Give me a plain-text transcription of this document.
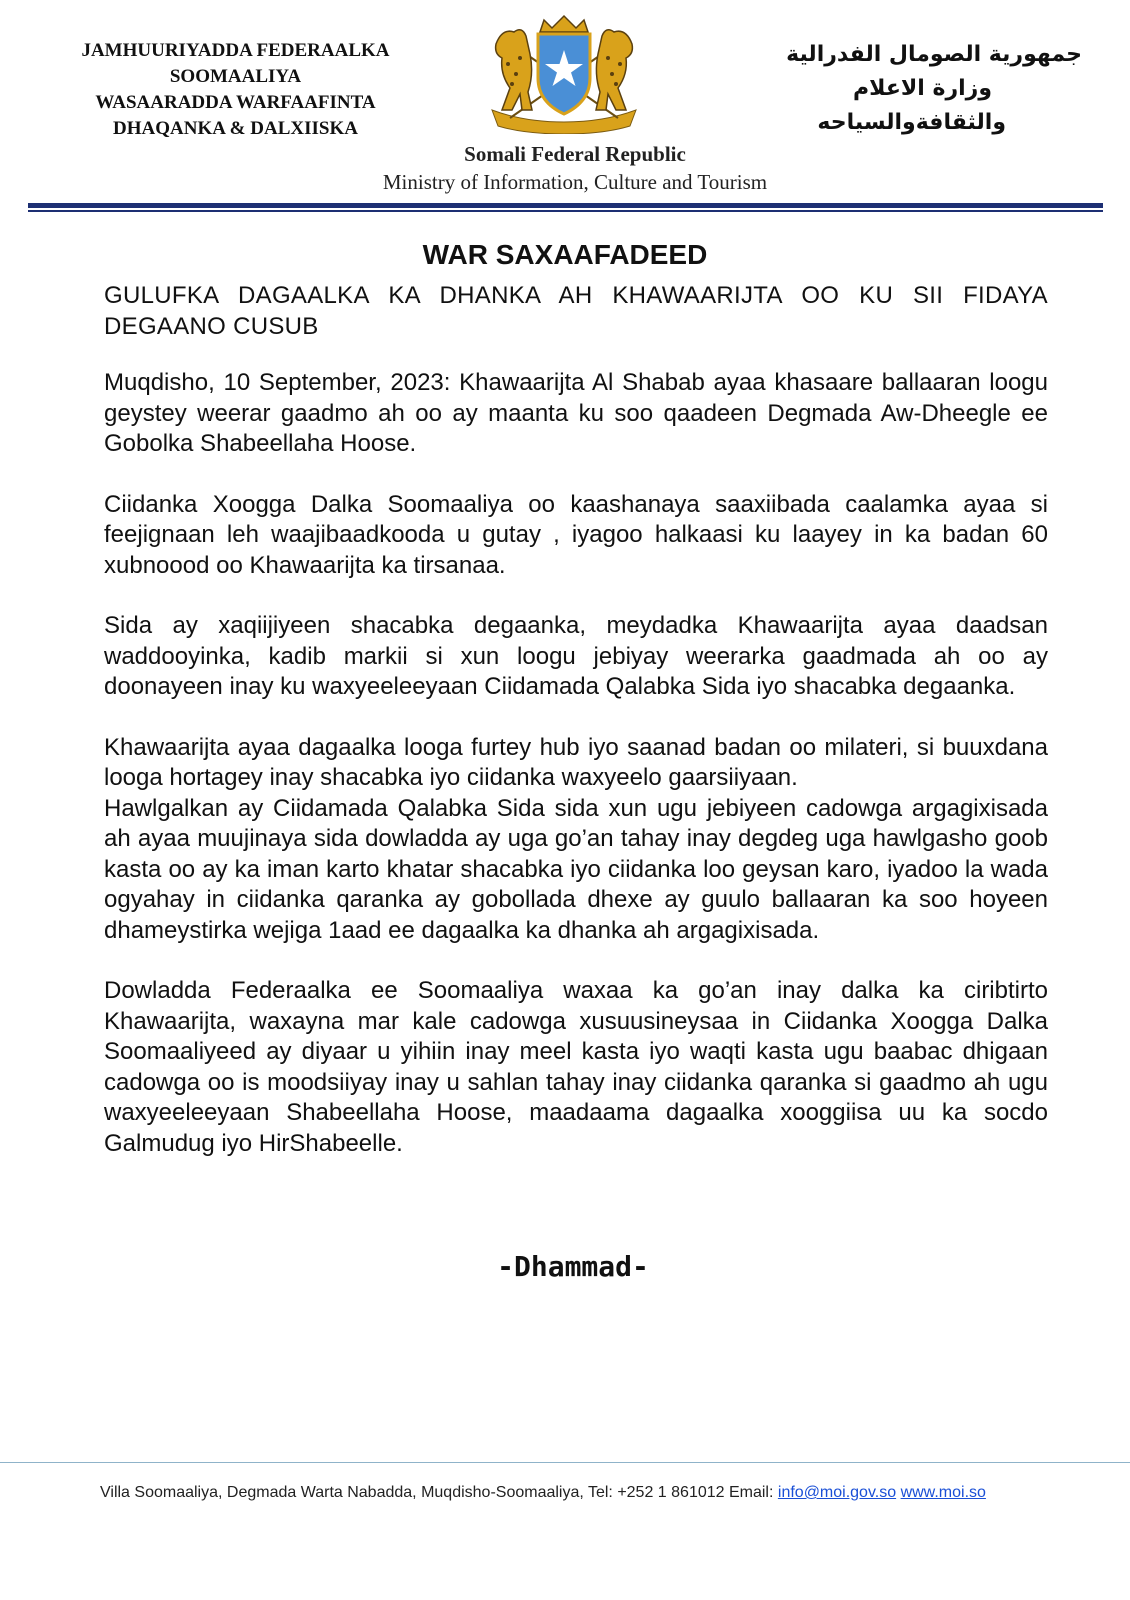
JAMHUURIYADDA FEDERAALKA
SOOMAALIYA
WASAARADDA WARFAAFINTA
DHAQANKA & DALXIISKA
جمهورية الصومال الفدرالية
وزارة الاعلام
والثقافةوالسياحه
Somali Federal Republic
Ministry of Information, Culture and Tourism
WAR SAXAAFADEED
GULUFKA DAGAALKA KA DHANKA AH KHAWAARIJTA OO KU SII FIDAYA DEGAANO CUSUB

Muqdisho, 10 September, 2023: Khawaarijta Al Shabab ayaa khasaare ballaaran loogu geystey weerar gaadmo ah oo ay maanta ku soo qaadeen Degmada Aw-Dheegle ee Gobolka Shabeellaha Hoose.

Ciidanka Xoogga Dalka Soomaaliya oo kaashanaya saaxiibada caalamka ayaa si feejignaan leh waajibaadkooda u gutay , iyagoo halkaasi ku laayey in ka badan 60 xubnoood oo Khawaarijta ka tirsanaa.

Sida ay xaqiijiyeen shacabka degaanka, meydadka Khawaarijta ayaa daadsan waddooyinka, kadib markii si xun loogu jebiyay weerarka gaadmada ah oo ay doonayeen inay ku waxyeeleeyaan Ciidamada Qalabka Sida iyo shacabka degaanka.

Khawaarijta ayaa dagaalka looga furtey hub iyo saanad badan oo milateri, si buuxdana looga hortagey inay shacabka iyo ciidanka waxyeelo gaarsiiyaan.

Hawlgalkan ay Ciidamada Qalabka Sida sida xun ugu jebiyeen cadowga argagixisada ah ayaa muujinaya sida dowladda ay uga go’an tahay inay degdeg uga hawlgasho goob kasta oo ay ka iman karto khatar shacabka iyo ciidanka loo geysan karo, iyadoo la wada ogyahay in ciidanka qaranka ay gobollada dhexe ay guulo ballaaran ka soo hoyeen dhameystirka wejiga 1aad ee dagaalka ka dhanka ah argagixisada.

Dowladda Federaalka ee Soomaaliya waxaa ka go’an inay dalka ka ciribtirto Khawaarijta, waxayna mar kale cadowga xusuusineysaa in Ciidanka Xoogga Dalka Soomaaliyeed ay diyaar u yihiin inay meel kasta iyo waqti kasta ugu baabac dhigaan cadowga oo is moodsiiyay inay u sahlan tahay inay ciidanka qaranka si gaadmo ah ugu waxyeeleeyaan Shabeellaha Hoose, maadaama dagaalka xooggiisa uu ka socdo Galmudug iyo HirShabeelle.

-Dhammad-
Villa Soomaaliya, Degmada Warta Nabadda, Muqdisho-Soomaaliya, Tel: +252 1 861012 Email: info@moi.gov.so www.moi.so
